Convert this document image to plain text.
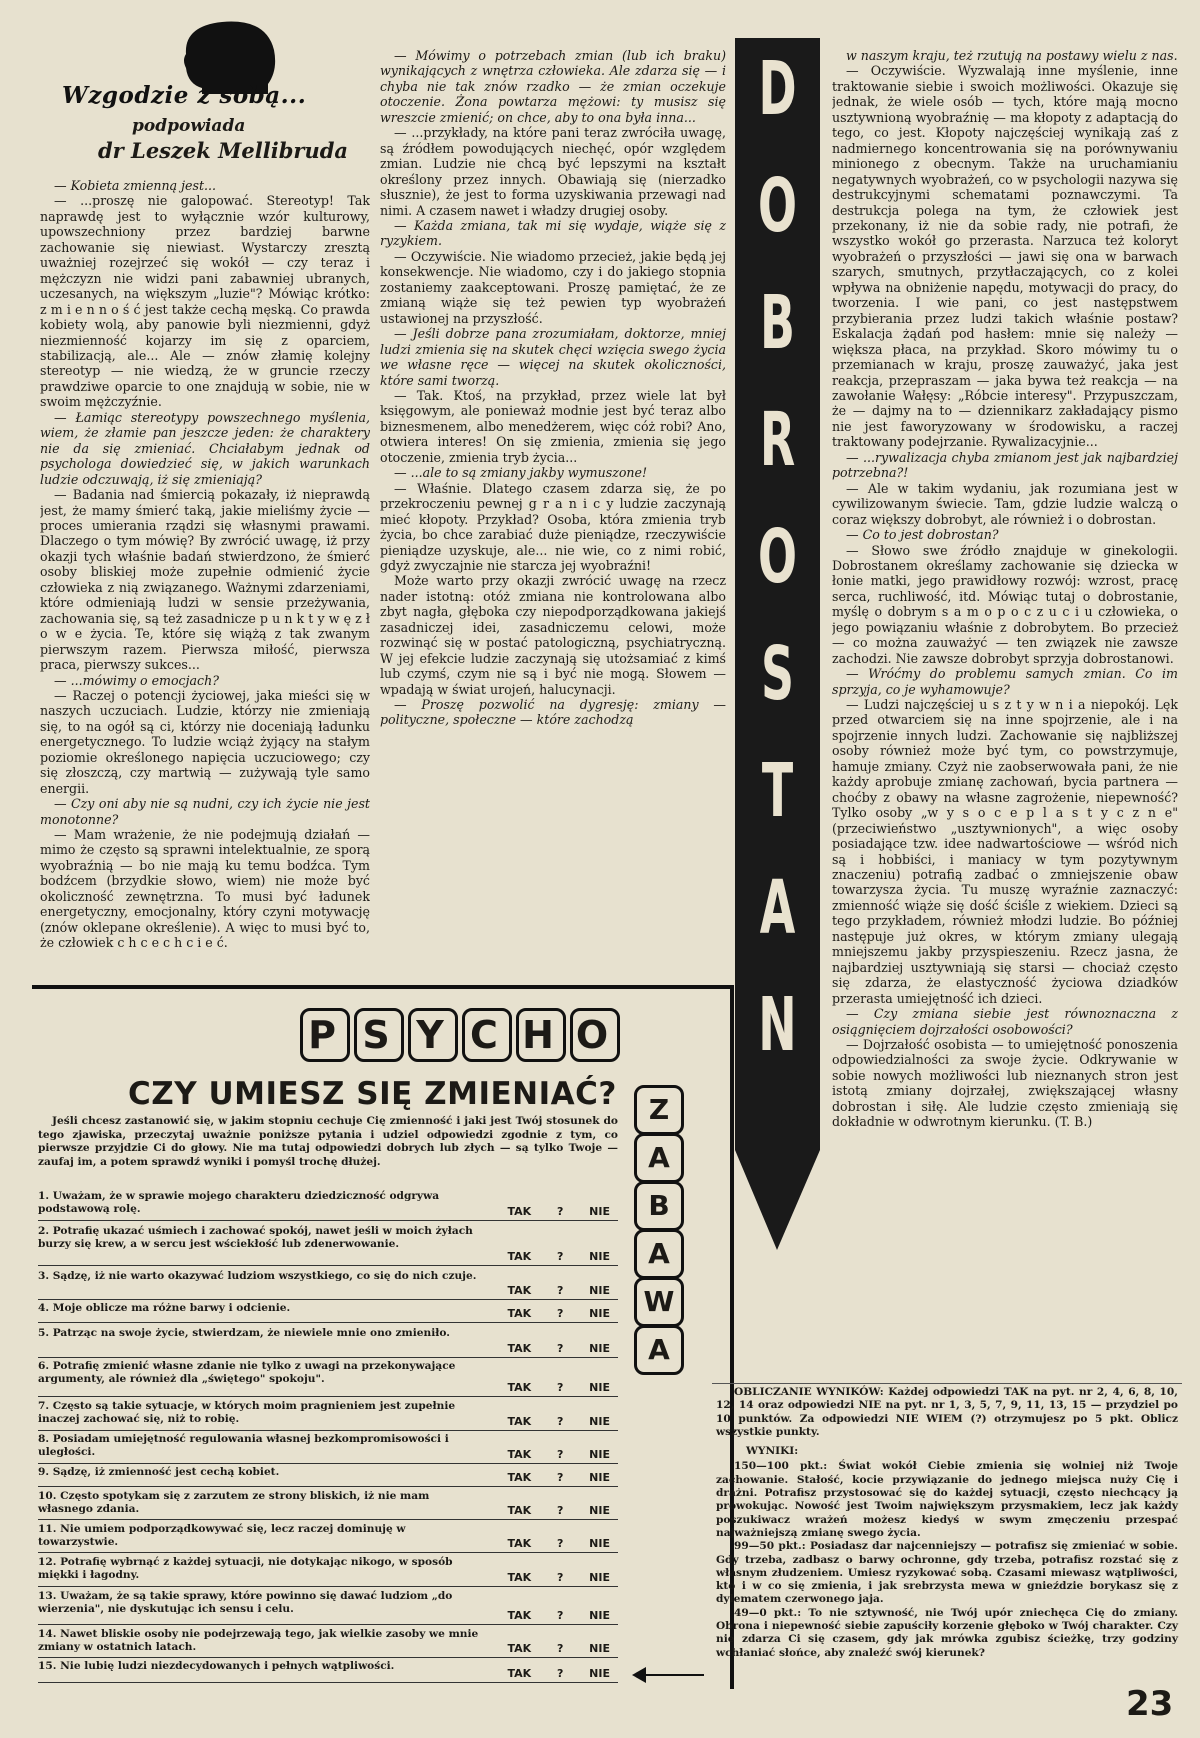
Wzgodzie z sobą...
podpowiada
dr Leszek Mellibruda

— Kobieta zmienną jest...

— ...proszę nie galopować. Stereotyp! Tak naprawdę jest to wyłącznie wzór kulturowy, upowszechniony przez bardziej barwne zachowanie się niewiast. Wystarczy zresztą uważniej rozejrzeć się wokół — czy teraz i mężczyzn nie widzi pani zabawniej ubranych, uczesanych, na większym „luzie"? Mówiąc krótko: z m i e n n o ś ć jest także cechą męską. Co prawda kobiety wolą, aby panowie byli niezmienni, gdyż niezmienność kojarzy im się z oparciem, stabilizacją, ale... Ale — znów złamię kolejny stereotyp — nie wiedzą, że w gruncie rzeczy prawdziwe oparcie to one znajdują w sobie, nie w swoim mężczyźnie.

— Łamiąc stereotypy powszechnego myślenia, wiem, że złamie pan jeszcze jeden: że charaktery nie da się zmieniać. Chciałabym jednak od psychologa dowiedzieć się, w jakich warunkach ludzie odczuwają, iż się zmieniają?

— Badania nad śmiercią pokazały, iż nieprawdą jest, że mamy śmierć taką, jakie mieliśmy życie — proces umierania rządzi się własnymi prawami. Dlaczego o tym mówię? By zwrócić uwagę, iż przy okazji tych właśnie badań stwierdzono, że śmierć osoby bliskiej może zupełnie odmienić życie człowieka z nią związanego. Ważnymi zdarzeniami, które odmieniają ludzi w sensie przeżywania, zachowania się, są też zasadnicze p u n k t y w ę z ł o w e życia. Te, które się wiążą z tak zwanym pierwszym razem. Pierwsza miłość, pierwsza praca, pierwszy sukces...

— ...mówimy o emocjach?

— Raczej o potencji życiowej, jaka mieści się w naszych uczuciach. Ludzie, którzy nie zmieniają się, to na ogół są ci, którzy nie doceniają ładunku energetycznego. To ludzie wciąż żyjący na stałym poziomie określonego napięcia uczuciowego; czy się złoszczą, czy martwią — zużywają tyle samo energii.

— Czy oni aby nie są nudni, czy ich życie nie jest monotonne?

— Mam wrażenie, że nie podejmują działań — mimo że często są sprawni intelektualnie, ze sporą wyobraźnią — bo nie mają ku temu bodźca. Tym bodźcem (brzydkie słowo, wiem) nie może być okoliczność zewnętrzna. To musi być ładunek energetyczny, emocjonalny, który czyni motywację (znów oklepane określenie). A więc to musi być to, że człowiek c h c e c h c i e ć.

— Mówimy o potrzebach zmian (lub ich braku) wynikających z wnętrza człowieka. Ale zdarza się — i chyba nie tak znów rzadko — że zmian oczekuje otoczenie. Żona powtarza mężowi: ty musisz się wreszcie zmienić; on chce, aby to ona była inna...

— ...przykłady, na które pani teraz zwróciła uwagę, są źródłem powodujących niechęć, opór względem zmian. Ludzie nie chcą być lepszymi na kształt określony przez innych. Obawiają się (nierzadko słusznie), że jest to forma uzyskiwania przewagi nad nimi. A czasem nawet i władzy drugiej osoby.

— Każda zmiana, tak mi się wydaje, wiąże się z ryzykiem.

— Oczywiście. Nie wiadomo przecież, jakie będą jej konsekwencje. Nie wiadomo, czy i do jakiego stopnia zostaniemy zaakceptowani. Proszę pamiętać, że ze zmianą wiąże się też pewien typ wyobrażeń ustawionej na przyszłość.

— Jeśli dobrze pana zrozumiałam, doktorze, mniej ludzi zmienia się na skutek chęci wzięcia swego życia we własne ręce — więcej na skutek okoliczności, które sami tworzą.

— Tak. Ktoś, na przykład, przez wiele lat był księgowym, ale ponieważ modnie jest być teraz albo biznesmenem, albo menedżerem, więc cóż robi? Ano, otwiera interes! On się zmienia, zmienia się jego otoczenie, zmienia tryb życia...

— ...ale to są zmiany jakby wymuszone!

— Właśnie. Dlatego czasem zdarza się, że po przekroczeniu pewnej g r a n i c y ludzie zaczynają mieć kłopoty. Przykład? Osoba, która zmienia tryb życia, bo chce zarabiać duże pieniądze, rzeczywiście pieniądze uzyskuje, ale... nie wie, co z nimi robić, gdyż zwyczajnie nie starcza jej wyobraźni!

Może warto przy okazji zwrócić uwagę na rzecz nader istotną: otóż zmiana nie kontrolowana albo zbyt nagła, głęboka czy niepodporządkowana jakiejś zasadniczej idei, zasadniczemu celowi, może rozwinąć się w postać patologiczną, psychiatryczną. W jej efekcie ludzie zaczynają się utożsamiać z kimś lub czymś, czym nie są i być nie mogą. Słowem — wpadają w świat urojeń, halucynacji.

— Proszę pozwolić na dygresję: zmiany — polityczne, społeczne — które zachodzą

w naszym kraju, też rzutują na postawy wielu z nas.

— Oczywiście. Wyzwalają inne myślenie, inne traktowanie siebie i swoich możliwości. Okazuje się jednak, że wiele osób — tych, które mają mocno usztywnioną wyobraźnię — ma kłopoty z adaptacją do tego, co jest. Kłopoty najczęściej wynikają zaś z nadmiernego koncentrowania się na porównywaniu minionego z obecnym. Także na uruchamianiu negatywnych wyobrażeń, co w psychologii nazywa się destrukcyjnymi schematami poznawczymi. Ta destrukcja polega na tym, że człowiek jest przekonany, iż nie da sobie rady, nie potrafi, że wszystko wokół go przerasta. Narzuca też koloryt wyobrażeń o przyszłości — jawi się ona w barwach szarych, smutnych, przytłaczających, co z kolei wpływa na obniżenie napędu, motywacji do pracy, do tworzenia. I wie pani, co jest następstwem przybierania przez ludzi takich właśnie postaw? Eskalacja żądań pod hasłem: mnie się należy — większa płaca, na przykład. Skoro mówimy tu o przemianach w kraju, proszę zauważyć, jaka jest reakcja, przepraszam — jaka bywa też reakcja — na zawołanie Wałęsy: „Róbcie interesy". Przypuszczam, że — dajmy na to — dziennikarz zakładający pismo nie jest faworyzowany w środowisku, a raczej traktowany podejrzanie. Rywalizacyjnie...

— ...rywalizacja chyba zmianom jest jak najbardziej potrzebna?!

— Ale w takim wydaniu, jak rozumiana jest w cywilizowanym świecie. Tam, gdzie ludzie walczą o coraz większy dobrobyt, ale również i o dobrostan.

— Co to jest dobrostan?

— Słowo swe źródło znajduje w ginekologii. Dobrostanem określamy zachowanie się dziecka w łonie matki, jego prawidłowy rozwój: wzrost, pracę serca, ruchliwość, itd. Mówiąc tutaj o dobrostanie, myślę o dobrym s a m o p o c z u c i u człowieka, o jego powiązaniu właśnie z dobrobytem. Bo przecież — co można zauważyć — ten związek nie zawsze zachodzi. Nie zawsze dobrobyt sprzyja dobrostanowi.

— Wróćmy do problemu samych zmian. Co im sprzyja, co je wyhamowuje?

— Ludzi najczęściej u s z t y w n i a niepokój. Lęk przed otwarciem się na inne spojrzenie, ale i na spojrzenie innych ludzi. Zachowanie się najbliższej osoby również może być tym, co powstrzymuje, hamuje zmiany. Czyż nie zaobserwowała pani, że nie każdy aprobuje zmianę zachowań, bycia partnera — choćby z obawy na własne zagrożenie, niepewność? Tylko osoby „w y s o c e p l a s t y c z n e" (przeciwieństwo „usztywnionych", a więc osoby posiadające tzw. idee nadwartościowe — wśród nich są i hobbiści, i maniacy w tym pozytywnym znaczeniu) potrafią zadbać o zmniejszenie obaw towarzysza życia. Tu muszę wyraźnie zaznaczyć: zmienność wiąże się dość ściśle z wiekiem. Dzieci są tego przykładem, również młodzi ludzie. Bo później następuje już okres, w którym zmiany ulegają mniejszemu jakby przyspieszeniu. Rzecz jasna, że najbardziej usztywniają się starsi — chociaż często się zdarza, że elastyczność życiowa dziadków przerasta umiejętność ich dzieci.

— Czy zmiana siebie jest równoznaczna z osiągnięciem dojrzałości osobowości?

— Dojrzałość osobista — to umiejętność ponoszenia odpowiedzialności za swoje życie. Odkrywanie w sobie nowych możliwości lub nieznanych stron jest istotą zmiany dojrzałej, zwiększającej własny dobrostan i siłę. Ale ludzie często zmieniają się dokładnie w odwrotnym kierunku. (T. B.)

D
O
B
R
O
S
T
A
N
P S Y C H O
CZY UMIESZ SIĘ ZMIENIAĆ?
Jeśli chcesz zastanowić się, w jakim stopniu cechuje Cię zmienność i jaki jest Twój stosunek do tego zjawiska, przeczytaj uważnie poniższe pytania i udziel odpowiedzi zgodnie z tym, co pierwsze przyjdzie Ci do głowy. Nie ma tutaj odpowiedzi dobrych lub złych — są tylko Twoje — zaufaj im, a potem sprawdź wyniki i pomyśl trochę dłużej.
1. Uważam, że w sprawie mojego charakteru dziedziczność odgrywa podstawową rolę.	TAK ? NIE
2. Potrafię ukazać uśmiech i zachować spokój, nawet jeśli w moich żyłach burzy się krew, a w sercu jest wściekłość lub zdenerwowanie.
TAK ? NIE
3. Sądzę, iż nie warto okazywać ludziom wszystkiego, co się do nich czuje.
TAK ? NIE
4. Moje oblicze ma różne barwy i odcienie.	TAK ? NIE
5. Patrząc na swoje życie, stwierdzam, że niewiele mnie ono zmieniło.
TAK ? NIE
6. Potrafię zmienić własne zdanie nie tylko z uwagi na przekonywające argumenty, ale również dla „świętego" spokoju".
TAK ? NIE
7. Często są takie sytuacje, w których moim pragnieniem jest zupełnie inaczej zachować się, niż to robię.	TAK ? NIE
8. Posiadam umiejętność regulowania własnej bezkompromisowości i uległości.	TAK ? NIE
9. Sądzę, iż zmienność jest cechą kobiet.	TAK ? NIE
10. Często spotykam się z zarzutem ze strony bliskich, iż nie mam własnego zdania.	TAK ? NIE
11. Nie umiem podporządkowywać się, lecz raczej dominuję w towarzystwie.	TAK ? NIE
12. Potrafię wybrnąć z każdej sytuacji, nie dotykając nikogo, w sposób miękki i łagodny.	TAK ? NIE
13. Uważam, że są takie sprawy, które powinno się dawać ludziom „do wierzenia", nie dyskutując ich sensu i celu.	TAK ? NIE
14. Nawet bliskie osoby nie podejrzewają tego, jak wielkie zasoby we mnie zmiany w ostatnich latach.	TAK ? NIE
15. Nie lubię ludzi niezdecydowanych i pełnych wątpliwości.
TAK ? NIE
Z
A
B
A
W
A

OBLICZANIE WYNIKÓW: Każdej odpowiedzi TAK na pyt. nr 2, 4, 6, 8, 10, 12, 14 oraz odpowiedzi NIE na pyt. nr 1, 3, 5, 7, 9, 11, 13, 15 — przydziel po 10 punktów. Za odpowiedzi NIE WIEM (?) otrzymujesz po 5 pkt. Oblicz wszystkie punkty.

WYNIKI:

150—100 pkt.: Świat wokół Ciebie zmienia się wolniej niż Twoje zachowanie. Stałość, kocie przywiązanie do jednego miejsca nuży Cię i drażni. Potrafisz przystosować się do każdej sytuacji, często niechcący ją prowokując. Nowość jest Twoim największym przysmakiem, lecz jak każdy poszukiwacz wrażeń możesz kiedyś w swym zmęczeniu przespać najważniejszą zmianę swego życia.

99—50 pkt.: Posiadasz dar najcenniejszy — potrafisz się zmieniać w sobie. Gdy trzeba, zadbasz o barwy ochronne, gdy trzeba, potrafisz rozstać się z własnym złudzeniem. Umiesz ryzykować sobą. Czasami miewasz wątpliwości, kto i w co się zmienia, i jak srebrzysta mewa w gnieździe borykasz się z dylematem czerwonego jaja.

49—0 pkt.: To nie sztywność, nie Twój upór zniechęca Cię do zmiany. Obrona i niepewność siebie zapuściły korzenie głęboko w Twój charakter. Czy nie zdarza Ci się czasem, gdy jak mrówka zgubisz ścieżkę, trzy godziny wchłaniać słońce, aby znaleźć swój kierunek?

23
